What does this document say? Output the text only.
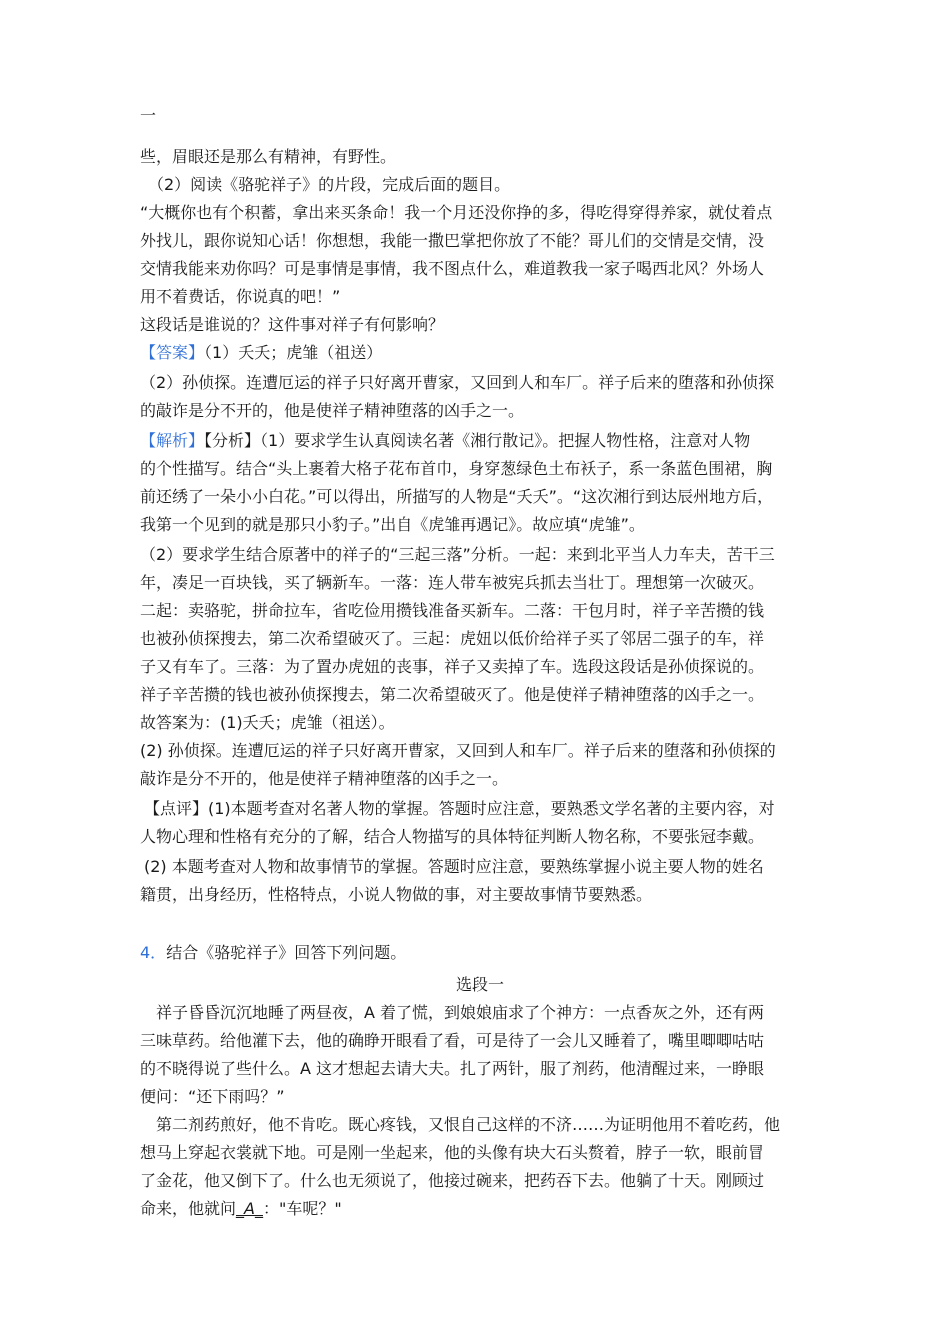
一
些，眉眼还是那么有精神，有野性。
（2）阅读《骆驼祥子》的片段，完成后面的题目。
“大概你也有个积蓄，拿出来买条命！我一个月还没你挣的多，得吃得穿得养家，就仗着点
外找儿，跟你说知心话！你想想，我能一撒巴掌把你放了不能？哥儿们的交情是交情，没
交情我能来劝你吗？可是事情是事情，我不图点什么，难道教我一家子喝西北风？外场人
用不着费话，你说真的吧！”
这段话是谁说的？这件事对祥子有何影响？
【答案】（1）夭夭；虎雏（祖送）
（2）孙侦探。连遭厄运的祥子只好离开曹家，又回到人和车厂。祥子后来的堕落和孙侦探
的敲诈是分不开的，他是使祥子精神堕落的凶手之一。
【解析】【分析】（1）要求学生认真阅读名著《湘行散记》。把握人物性格，注意对人物
的个性描写。结合“头上裹着大格子花布首巾，身穿葱绿色土布袄子，系一条蓝色围裙，胸
前还绣了一朵小小白花。”可以得出，所描写的人物是“夭夭”。“这次湘行到达辰州地方后，
我第一个见到的就是那只小豹子。”出自《虎雏再遇记》。故应填“虎雏”。
（2）要求学生结合原著中的祥子的“三起三落”分析。一起：来到北平当人力车夫，苦干三
年，凑足一百块钱，买了辆新车。一落：连人带车被宪兵抓去当壮丁。理想第一次破灭。
二起：卖骆驼，拼命拉车，省吃俭用攒钱准备买新车。二落：干包月时，祥子辛苦攒的钱
也被孙侦探搜去，第二次希望破灭了。三起：虎妞以低价给祥子买了邻居二强子的车，祥
子又有车了。三落：为了置办虎妞的丧事，祥子又卖掉了车。选段这段话是孙侦探说的。
祥子辛苦攒的钱也被孙侦探搜去，第二次希望破灭了。他是使祥子精神堕落的凶手之一。
故答案为：(1)夭夭；虎雏（祖送）。
(2) 孙侦探。连遭厄运的祥子只好离开曹家，又回到人和车厂。祥子后来的堕落和孙侦探的
敲诈是分不开的，他是使祥子精神堕落的凶手之一。
【点评】(1)本题考查对名著人物的掌握。答题时应注意，要熟悉文学名著的主要内容，对
人物心理和性格有充分的了解，结合人物描写的具体特征判断人物名称，不要张冠李戴。
(2) 本题考查对人物和故事情节的掌握。答题时应注意，要熟练掌握小说主要人物的姓名
籍贯，出身经历，性格特点，小说人物做的事，对主要故事情节要熟悉。
4．结合《骆驼祥子》回答下列问题。
选段一
祥子昏昏沉沉地睡了两昼夜，A 着了慌，到娘娘庙求了个神方：一点香灰之外，还有两
三味草药。给他灌下去，他的确睁开眼看了看，可是待了一会儿又睡着了，嘴里唧唧咕咕
的不晓得说了些什么。A 这才想起去请大夫。扎了两针，服了剂药，他清醒过来，一睁眼
便问：“还下雨吗？”
第二剂药煎好，他不肯吃。既心疼钱，又恨自己这样的不济……为证明他用不着吃药，他
想马上穿起衣裳就下地。可是刚一坐起来，他的头像有块大石头赘着，脖子一软，眼前冒
了金花，他又倒下了。什么也无须说了，他接过碗来，把药吞下去。他躺了十天。刚顾过
命来，他就问_A_："车呢？"
